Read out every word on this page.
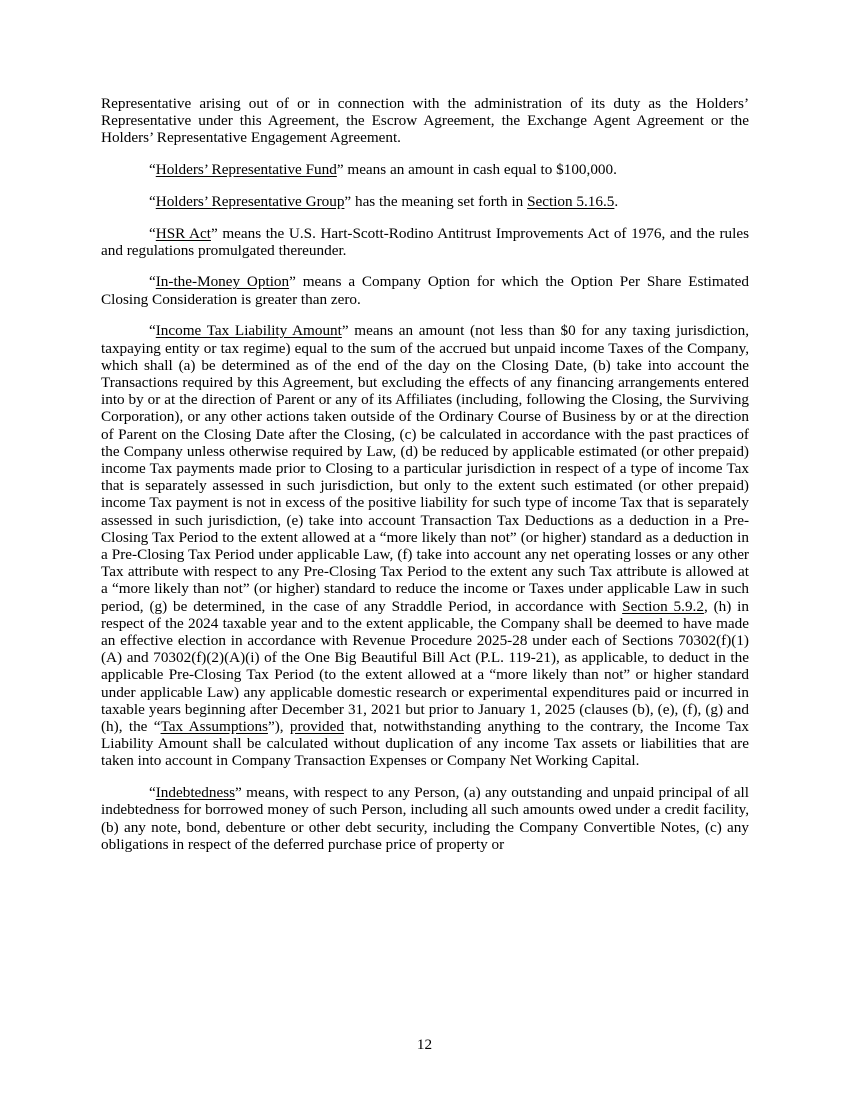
Representative arising out of or in connection with the administration of its duty as the Holders’ Representative under this Agreement, the Escrow Agreement, the Exchange Agent Agreement or the Holders’ Representative Engagement Agreement.

“Holders’ Representative Fund” means an amount in cash equal to $100,000.

“Holders’ Representative Group” has the meaning set forth in Section 5.16.5.

“HSR Act” means the U.S. Hart-Scott-Rodino Antitrust Improvements Act of 1976, and the rules and regulations promulgated thereunder.

“In-the-Money Option” means a Company Option for which the Option Per Share Estimated Closing Consideration is greater than zero.

“Income Tax Liability Amount” means an amount (not less than $0 for any taxing jurisdiction, taxpaying entity or tax regime) equal to the sum of the accrued but unpaid income Taxes of the Company, which shall (a) be determined as of the end of the day on the Closing Date, (b) take into account the Transactions required by this Agreement, but excluding the effects of any financing arrangements entered into by or at the direction of Parent or any of its Affiliates (including, following the Closing, the Surviving Corporation), or any other actions taken outside of the Ordinary Course of Business by or at the direction of Parent on the Closing Date after the Closing, (c) be calculated in accordance with the past practices of the Company unless otherwise required by Law, (d) be reduced by applicable estimated (or other prepaid) income Tax payments made prior to Closing to a particular jurisdiction in respect of a type of income Tax that is separately assessed in such jurisdiction, but only to the extent such estimated (or other prepaid) income Tax payment is not in excess of the positive liability for such type of income Tax that is separately assessed in such jurisdiction, (e) take into account Transaction Tax Deductions as a deduction in a Pre-Closing Tax Period to the extent allowed at a “more likely than not” (or higher) standard as a deduction in a Pre-Closing Tax Period under applicable Law, (f) take into account any net operating losses or any other Tax attribute with respect to any Pre-Closing Tax Period to the extent any such Tax attribute is allowed at a “more likely than not” (or higher) standard to reduce the income or Taxes under applicable Law in such period, (g) be determined, in the case of any Straddle Period, in accordance with Section 5.9.2, (h) in respect of the 2024 taxable year and to the extent applicable, the Company shall be deemed to have made an effective election in accordance with Revenue Procedure 2025-28 under each of Sections 70302(f)(1)(A) and 70302(f)(2)(A)(i) of the One Big Beautiful Bill Act (P.L. 119-21), as applicable, to deduct in the applicable Pre-Closing Tax Period (to the extent allowed at a “more likely than not” or higher standard under applicable Law) any applicable domestic research or experimental expenditures paid or incurred in taxable years beginning after December 31, 2021 but prior to January 1, 2025 (clauses (b), (e), (f), (g) and (h), the “Tax Assumptions”), provided that, notwithstanding anything to the contrary, the Income Tax Liability Amount shall be calculated without duplication of any income Tax assets or liabilities that are taken into account in Company Transaction Expenses or Company Net Working Capital.

“Indebtedness” means, with respect to any Person, (a) any outstanding and unpaid principal of all indebtedness for borrowed money of such Person, including all such amounts owed under a credit facility, (b) any note, bond, debenture or other debt security, including the Company Convertible Notes, (c) any obligations in respect of the deferred purchase price of property or

12
